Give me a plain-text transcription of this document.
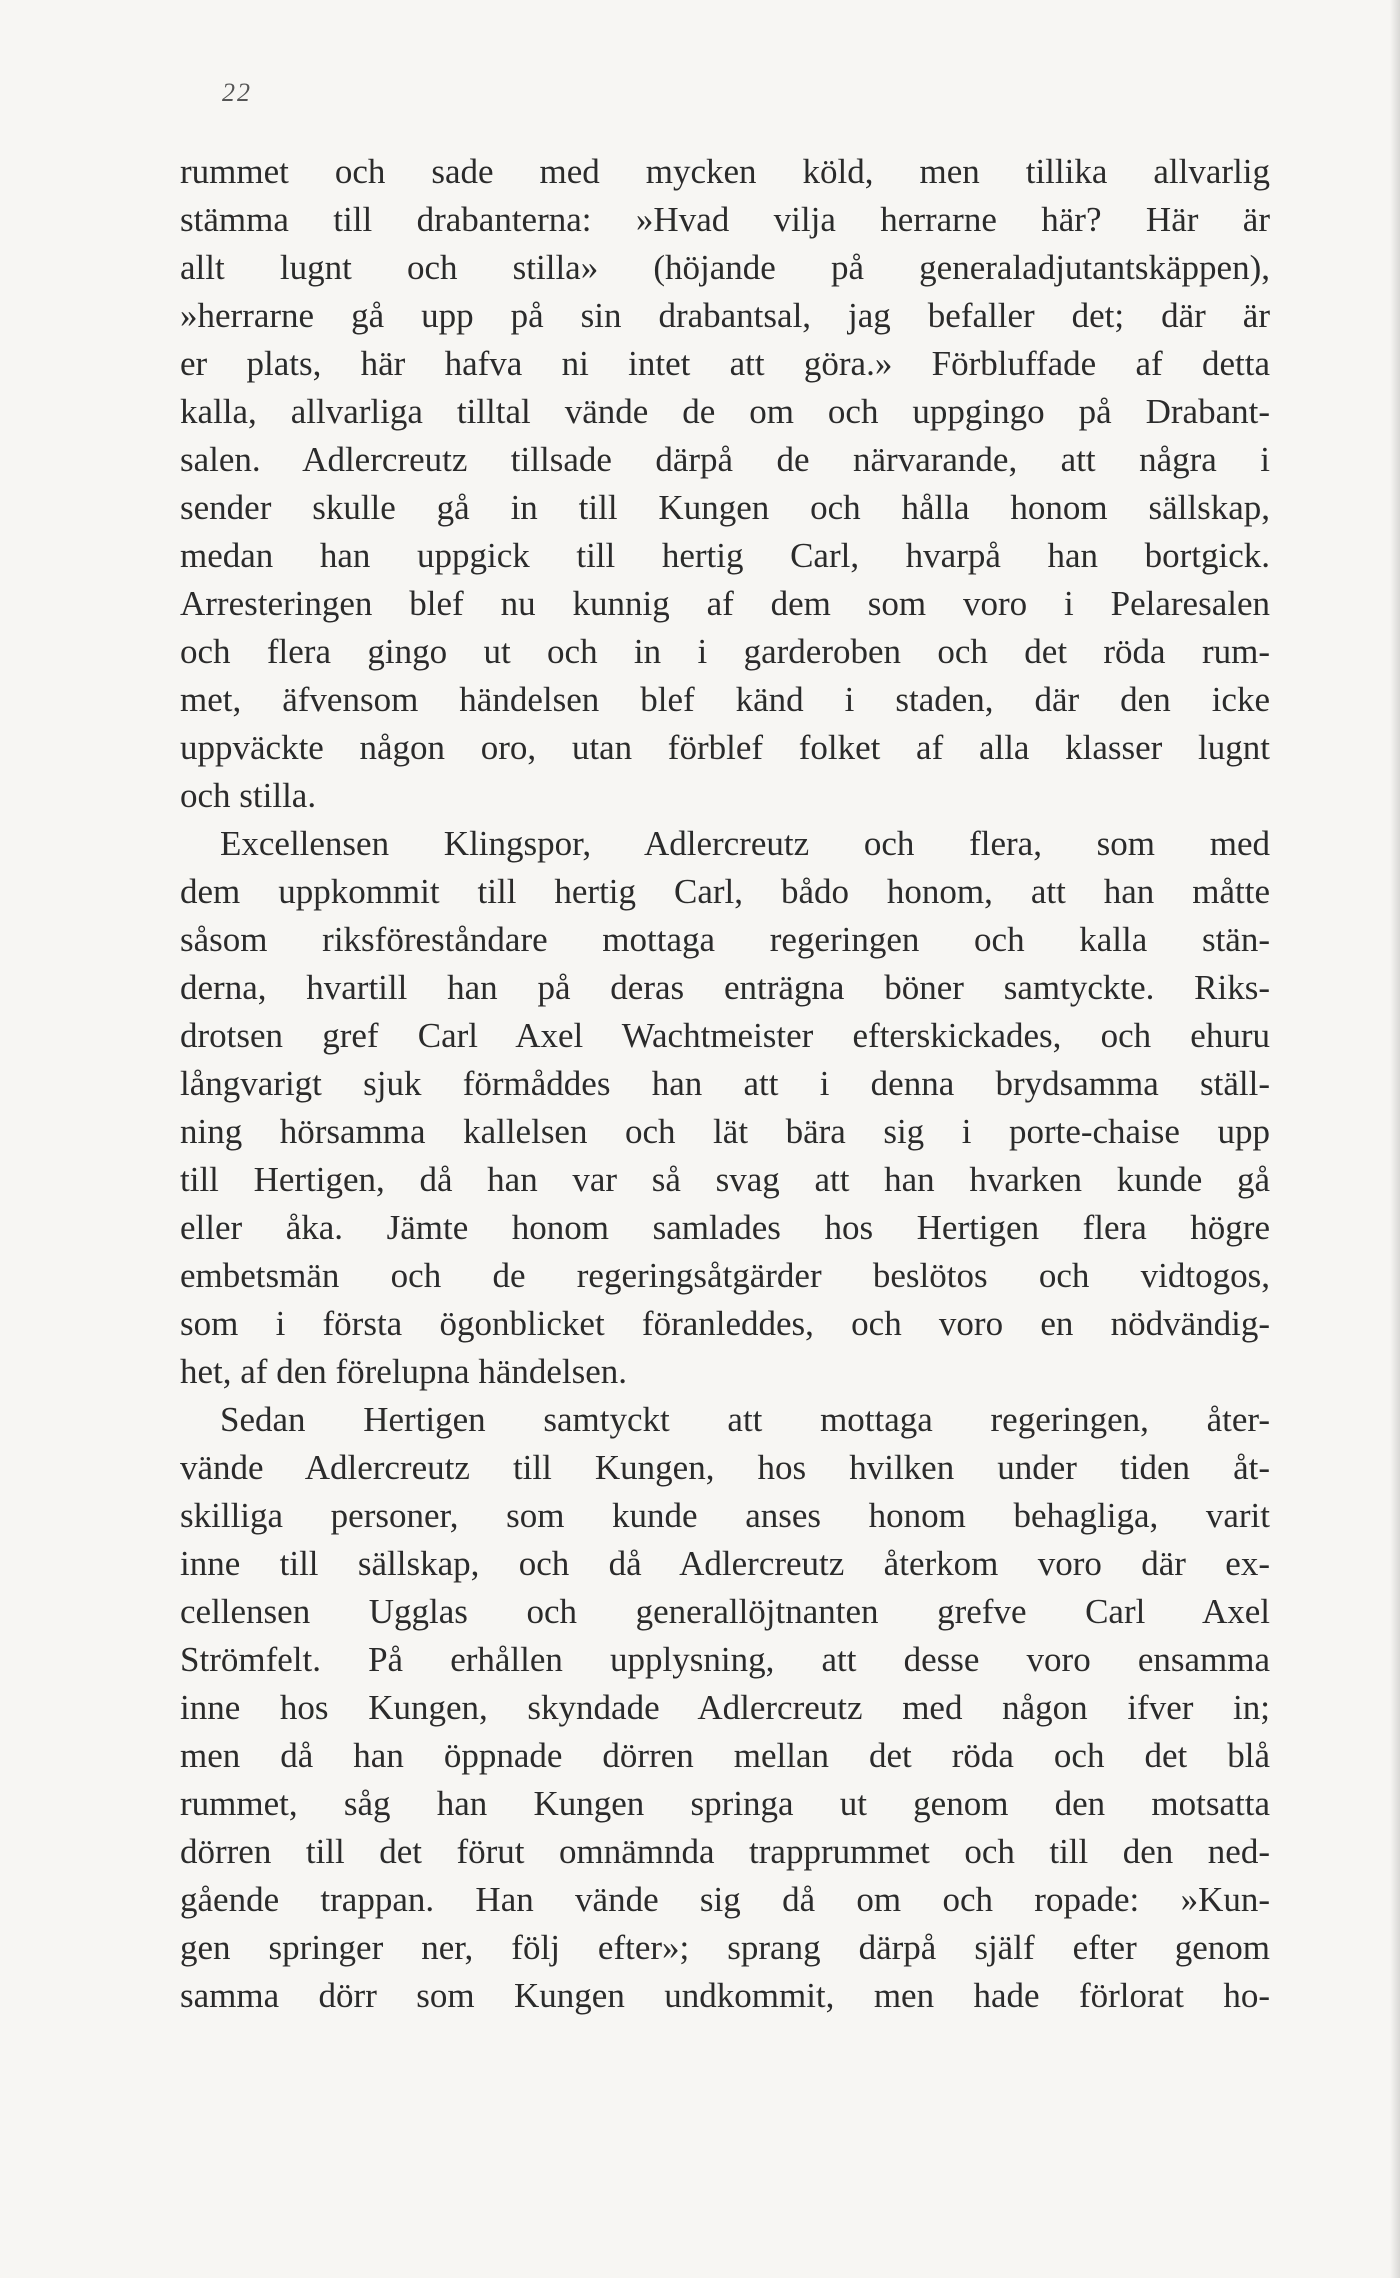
22
rummet och sade med mycken köld, men tillika allvarlig
stämma till drabanterna: »Hvad vilja herrarne här? Här är
allt lugnt och stilla» (höjande på generaladjutantskäppen),
»herrarne gå upp på sin drabantsal, jag befaller det; där är
er plats, här hafva ni intet att göra.» Förbluffade af detta
kalla, allvarliga tilltal vände de om och uppgingo på Drabant-
salen. Adlercreutz tillsade därpå de närvarande, att några i
sender skulle gå in till Kungen och hålla honom sällskap,
medan han uppgick till hertig Carl, hvarpå han bortgick.
Arresteringen blef nu kunnig af dem som voro i Pelaresalen
och flera gingo ut och in i garderoben och det röda rum-
met, äfvensom händelsen blef känd i staden, där den icke
uppväckte någon oro, utan förblef folket af alla klasser lugnt
och stilla.
Excellensen Klingspor, Adlercreutz och flera, som med
dem uppkommit till hertig Carl, bådo honom, att han måtte
såsom riksföreståndare mottaga regeringen och kalla stän-
derna, hvartill han på deras enträgna böner samtyckte. Riks-
drotsen gref Carl Axel Wachtmeister efterskickades, och ehuru
långvarigt sjuk förmåddes han att i denna brydsamma ställ-
ning hörsamma kallelsen och lät bära sig i porte-chaise upp
till Hertigen, då han var så svag att han hvarken kunde gå
eller åka. Jämte honom samlades hos Hertigen flera högre
embetsmän och de regeringsåtgärder beslötos och vidtogos,
som i första ögonblicket föranleddes, och voro en nödvändig-
het, af den förelupna händelsen.
Sedan Hertigen samtyckt att mottaga regeringen, åter-
vände Adlercreutz till Kungen, hos hvilken under tiden åt-
skilliga personer, som kunde anses honom behagliga, varit
inne till sällskap, och då Adlercreutz återkom voro där ex-
cellensen Ugglas och generallöjtnanten grefve Carl Axel
Strömfelt. På erhållen upplysning, att desse voro ensamma
inne hos Kungen, skyndade Adlercreutz med någon ifver in;
men då han öppnade dörren mellan det röda och det blå
rummet, såg han Kungen springa ut genom den motsatta
dörren till det förut omnämnda trapprummet och till den ned-
gående trappan. Han vände sig då om och ropade: »Kun-
gen springer ner, följ efter»; sprang därpå själf efter genom
samma dörr som Kungen undkommit, men hade förlorat ho-
